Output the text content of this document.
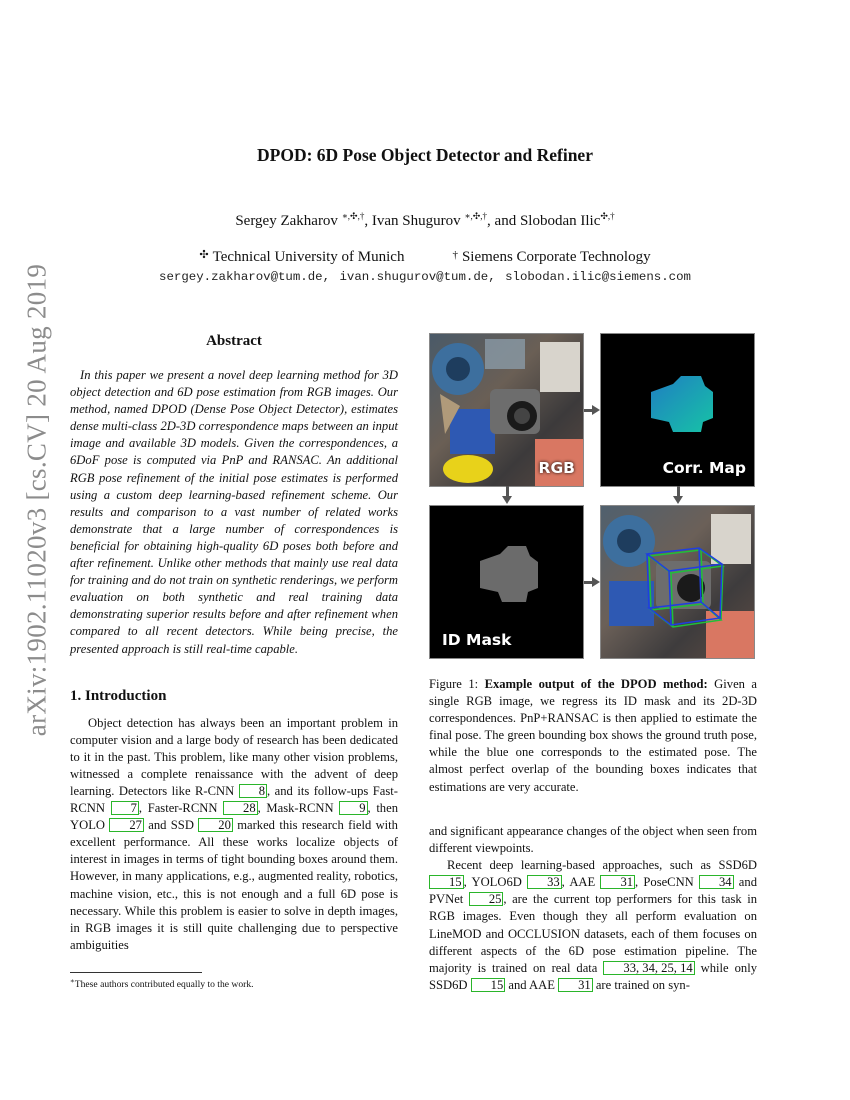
arXiv:1902.11020v3 [cs.CV] 20 Aug 2019
DPOD: 6D Pose Object Detector and Refiner
Sergey Zakharov ∗,✣,†, Ivan Shugurov ∗,✣,†, and Slobodan Ilic✣,†
✣ Technical University of Munich	† Siemens Corporate Technology
sergey.zakharov@tum.de, ivan.shugurov@tum.de, slobodan.ilic@siemens.com
Abstract

In this paper we present a novel deep learning method for 3D object detection and 6D pose estimation from RGB images. Our method, named DPOD (Dense Pose Object Detector), estimates dense multi-class 2D-3D correspondence maps between an input image and available 3D models. Given the correspondences, a 6DoF pose is computed via PnP and RANSAC. An additional RGB pose refinement of the initial pose estimates is performed using a custom deep learning-based refinement scheme. Our results and comparison to a vast number of related works demonstrate that a large number of correspondences is beneficial for obtaining high-quality 6D poses both before and after refinement. Unlike other methods that mainly use real data for training and do not train on synthetic renderings, we perform evaluation on both synthetic and real training data demonstrating superior results before and after refinement when compared to all recent detectors. While being precise, the presented approach is still real-time capable.

1. Introduction

Object detection has always been an important problem in computer vision and a large body of research has been dedicated to it in the past. This problem, like many other vision problems, witnessed a complete renaissance with the advent of deep learning. Detectors like R-CNN 8 , and its follow-ups Fast-RCNN 7 , Faster-RCNN 28 , Mask-RCNN 9 , then YOLO 27 and SSD 20 marked this research field with excellent performance. All these works localize objects of interest in images in terms of tight bounding boxes around them. However, in many applications, e.g., augmented reality, robotics, machine vision, etc., this is not enough and a full 6D pose is necessary. While this problem is easier to solve in depth images, in RGB images it is still quite challenging due to perspective ambiguities

∗These authors contributed equally to the work.
RGB	Corr. Map
ID Mask

Figure 1: Example output of the DPOD method: Given a single RGB image, we regress its ID mask and its 2D-3D correspondences. PnP+RANSAC is then applied to estimate the final pose. The green bounding box shows the ground truth pose, while the blue one corresponds to the estimated pose. The almost perfect overlap of the bounding boxes indicates that estimations are very accurate.

and significant appearance changes of the object when seen from different viewpoints.

Recent deep learning-based approaches, such as SSD6D 15 , YOLO6D 33 , AAE 31 , PoseCNN 34 and PVNet 25 , are the current top performers for this task in RGB images. Even though they all perform evaluation on LineMOD and OCCLUSION datasets, each of them focuses on different aspects of the 6D pose estimation pipeline. The majority is trained on real data 33, 34, 25, 14 while only SSD6D 15 and AAE 31 are trained on syn-
